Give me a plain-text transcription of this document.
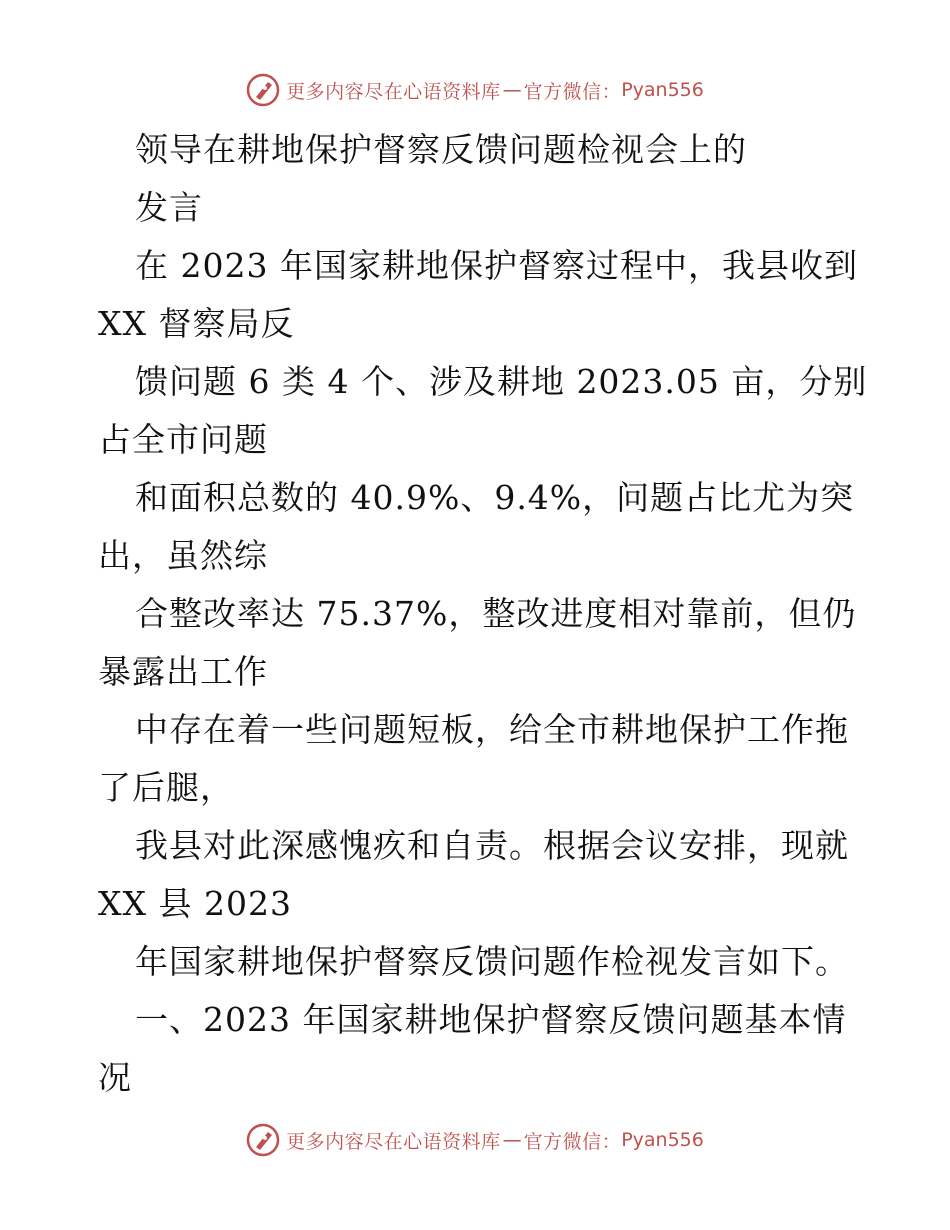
更多内容尽在心语资料库 — 官方微信： Pyan556
领导在耕地保护督察反馈问题检视会上的
发言
在 2023 年国家耕地保护督察过程中，我县收到
XX 督察局反
馈问题 6 类 4 个、涉及耕地 2023.05 亩，分别
占全市问题
和面积总数的 40.9%、9.4%，问题占比尤为突
出，虽然综
合整改率达 75.37%，整改进度相对靠前，但仍
暴露出工作
中存在着一些问题短板，给全市耕地保护工作拖
了后腿，
我县对此深感愧疚和自责。根据会议安排，现就
XX 县 2023
年国家耕地保护督察反馈问题作检视发言如下。
一、2023 年国家耕地保护督察反馈问题基本情
况
更多内容尽在心语资料库 — 官方微信： Pyan556
